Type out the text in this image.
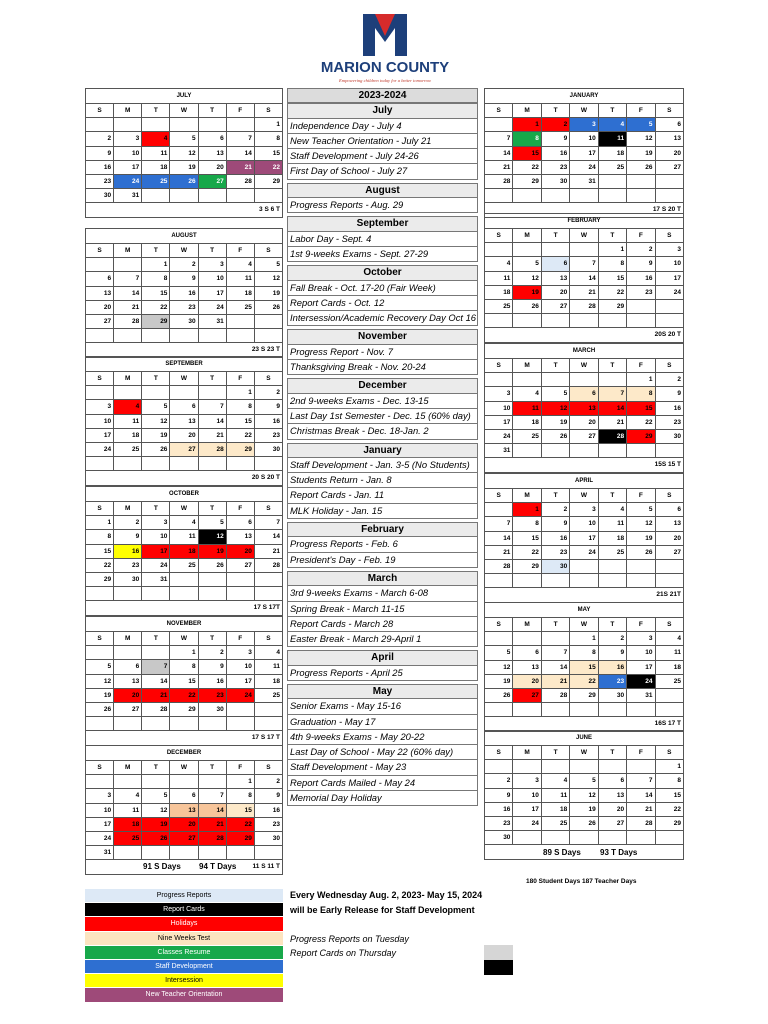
MARION COUNTY
Empowering children today for a better tomorrow
JULY						
S	M	T	W	T	F	S
						1
2	3	4	5	6	7	8
9	10	11	12	13	14	15
16	17	18	19	20	21	22
23	24	25	26	27	28	29
30	31					
3 S 6 T						
AUGUST						
S	M	T	W	T	F	S
		1	2	3	4	5
6	7	8	9	10	11	12
13	14	15	16	17	18	19
20	21	22	23	24	25	26
27	28	29	30	31		

23 S 23 T						
SEPTEMBER						
S	M	T	W	T	F	S
					1	2
3	4	5	6	7	8	9
10	11	12	13	14	15	16
17	18	19	20	21	22	23
24	25	26	27	28	29	30

20 S 20 T						
OCTOBER						
S	M	T	W	T	F	S
1	2	3	4	5	6	7
8	9	10	11	12	13	14
15	16	17	18	19	20	21
22	23	24	25	26	27	28
29	30	31				

17 S 17T						
NOVEMBER						
S	M	T	W	T	F	S
			1	2	3	4
5	6	7	8	9	10	11
12	13	14	15	16	17	18
19	20	21	22	23	24	25
26	27	28	29	30		

17 S 17 T						
DECEMBER						
S	M	T	W	T	F	S
					1	2
3	4	5	6	7	8	9
10	11	12	13	14	15	16
17	18	19	20	21	22	23
24	25	26	27	28	29	30
31						
11 S 11 T						
JANUARY						
S	M	T	W	T	F	S
	1	2	3	4	5	6
7	8	9	10	11	12	13
14	15	16	17	18	19	20
21	22	23	24	25	26	27
28	29	30	31			

17 S 20 T						
FEBRUARY						
S	M	T	W	T	F	S
				1	2	3
4	5	6	7	8	9	10
11	12	13	14	15	16	17
18	19	20	21	22	23	24
25	26	27	28	29		

20S 20 T						
MARCH						
S	M	T	W	T	F	S
					1	2
3	4	5	6	7	8	9
10	11	12	13	14	15	16
17	18	19	20	21	22	23
24	25	26	27	28	29	30
31						
15S 15 T						
APRIL						
S	M	T	W	T	F	S
	1	2	3	4	5	6
7	8	9	10	11	12	13
14	15	16	17	18	19	20
21	22	23	24	25	26	27
28	29	30				

21S 21T						
MAY						
S	M	T	W	T	F	S
			1	2	3	4
5	6	7	8	9	10	11
12	13	14	15	16	17	18
19	20	21	22	23	24	25
26	27	28	29	30	31	

16S 17 T						
JUNE						
S	M	T	W	T	F	S
						1
2	3	4	5	6	7	8
9	10	11	12	13	14	15
16	17	18	19	20	21	22
23	24	25	26	27	28	29
30						

2023-2024
July
Independence Day - July 4
New Teacher Orientation - July 21
Staff Development - July 24-26
First Day of School - July 27
August
Progress Reports - Aug. 29
September
Labor Day - Sept. 4
1st 9-weeks Exams - Sept. 27-29
October
Fall Break - Oct. 17-20 (Fair Week)
Report Cards - Oct. 12
Intersession/Academic Recovery Day Oct 16
November
Progress Report - Nov. 7
Thanksgiving Break - Nov. 20-24
December
2nd 9-weeks Exams - Dec. 13-15
Last Day 1st Semester - Dec. 15 (60% day)
Christmas Break - Dec. 18-Jan. 2
January
Staff Development - Jan. 3-5 (No Students)
Students Return - Jan. 8
Report Cards - Jan. 11
MLK Holiday - Jan. 15
February
Progress Reports - Feb. 6
President's Day - Feb. 19
March
3rd 9-weeks Exams - March 6-08
Spring Break - March 11-15
Report Cards - March 28
Easter Break - March 29-April 1
April
Progress Reports - April 25
May
Senior Exams - May 15-16
Graduation - May 17
4th 9-weeks Exams - May 20-22
Last Day of School - May 22 (60% day)
Staff Development - May 23
Report Cards Mailed - May 24
Memorial Day Holiday
91 S Days 94 T Days
89 S Days 93 T Days
180 Student Days 187 Teacher Days
Progress Reports
Report Cards
Holidays
Nine Weeks Test
Classes Resume
Staff Development
Intersession
New Teacher Orientation
Every Wednesday Aug. 2, 2023- May 15, 2024
will be Early Release for Staff Development
Progress Reports on Tuesday
Report Cards on Thursday
